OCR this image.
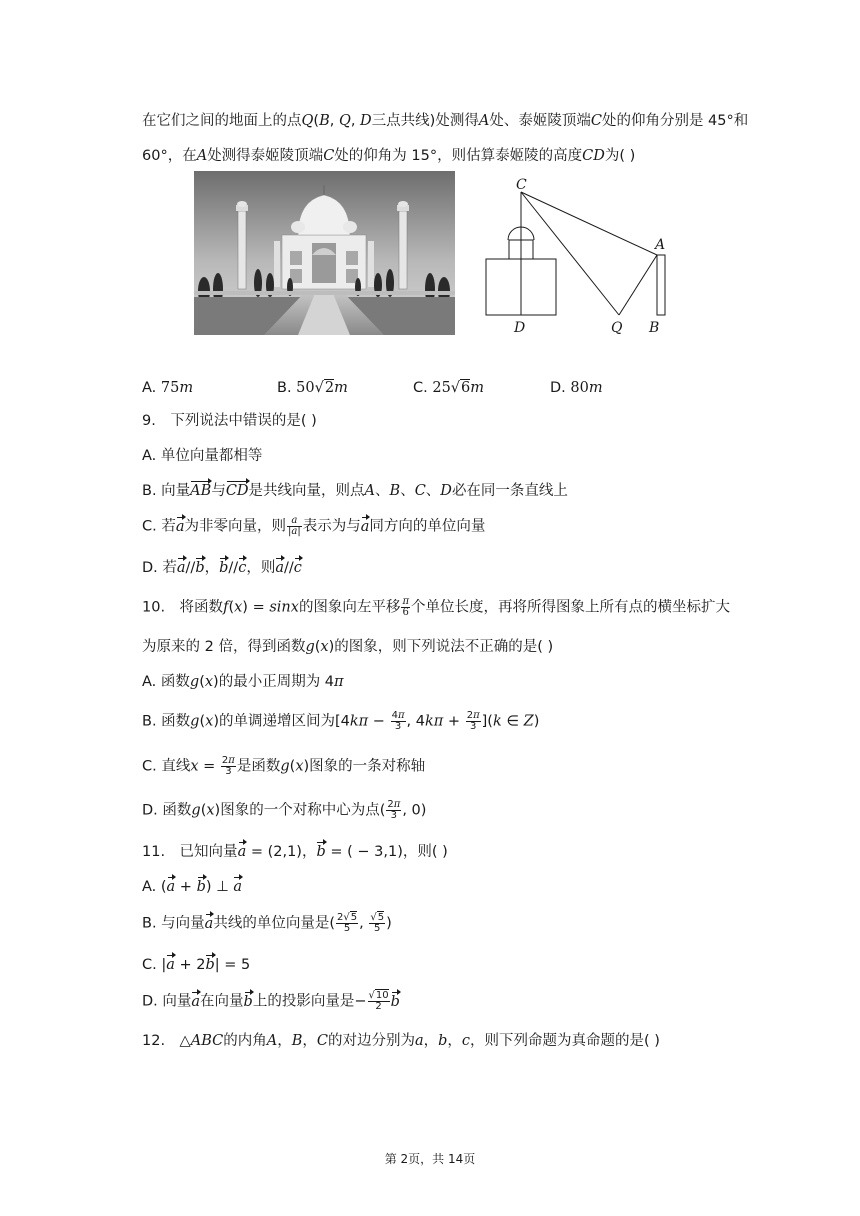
在它们之间的地面上的点Q(B, Q, D三点共线)处测得A处、泰姬陵顶端C处的仰角分别是 45°和
60°，在A处测得泰姬陵顶端C处的仰角为 15°，则估算泰姬陵的高度CD为( )
C
A
D	Q B
A. 75m	B. 50√2m	C. 25√6m	D. 80m
9.　下列说法中错误的是( )
A. 单位向量都相等
B. 向量AB与CD是共线向量，则点A、B、C、D必在同一条直线上
C. 若a为非零向量，则 $\frac{a}{|a|}$ 表示为与a同方向的单位向量
D. 若a//b，b//c，则a//c
10.　将函数f(x) = sinx的图象向左平移 $\frac{\pi}{6}$ 个单位长度，再将所得图象上所有点的横坐标扩大
为原来的 2 倍，得到函数g(x)的图象，则下列说法不正确的是( )
A. 函数g(x)的最小正周期为 4π
B. 函数g(x)的单调递增区间为[$4k\pi - \frac{4\pi}{3}$ , $4k\pi + \frac{2\pi}{3} ](k$ ∈ Z)
C. 直线$x = \frac{2\pi}{3}$ 是函数g(x)图象的一条对称轴
D. 函数g(x)图象的一个对称中心为点( $\frac{2\pi}{3}$ , 0)
11.　已知向量a = (2,1)，b = ( − 3,1)，则( )
A. (a + b) ⊥ a
B. 与向量a共线的单位向量是( $\frac{2√5}{5}$ , $\frac{√5}{5}$ )
C. |a + 2b| = 5
D. 向量a在向量b上的投影向量是− $\frac{√10}{2}$ b
12.　△ABC的内角A，B，C的对边分别为a，b，c，则下列命题为真命题的是( )
第 2页，共 14页
